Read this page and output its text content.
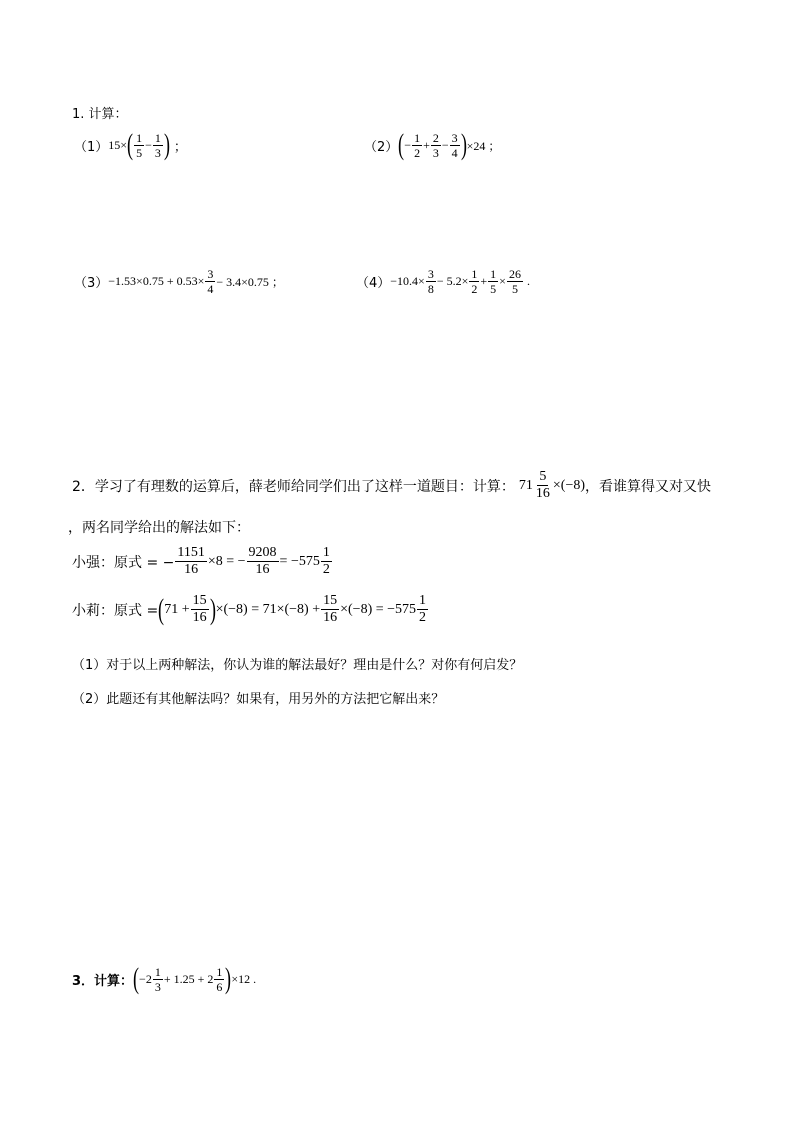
1. 计算：
（1） 15× ( $\frac{1}{5} - \frac{1}{3}$ ) ；	（2） ( − $\frac{1}{2} + \frac{2}{3} - \frac{3}{4}$ ) ×24 ；
$(3) -1.53\times 0.75 + 0.53\times \frac{3}{4} - 3.4\times 0.75$ ；	$(4) -10.4\times \frac{3}{8} - 5.2\times \frac{1}{2} + \frac{1}{5} \times \frac{26}{5}$ .
2．学习了有理数的运算后，薛老师给同学们出了这样一道题目：计算： $71 \frac{5}{16} \times(-8)$ ，看谁算得又对又快
，两名同学给出的解法如下：
小强：原式 = − $\frac{1151}{16} \times 8$ = − $\frac{9208}{16} = -575 \frac{1}{2}$
小莉：原式 = ( $71 + \frac{15}{16}$ ) $\times(-8) = 71\times(-8) + \frac{15}{16} \times(-8) = -575 \frac{1}{2}$
（1）对于以上两种解法，你认为谁的解法最好？理由是什么？对你有何启发？
（2）此题还有其他解法吗？如果有，用另外的方法把它解出来？
3．计算： ( $-2 \frac{1}{3} + 1.25 + 2 \frac{1}{6}$ ) ×12 .
